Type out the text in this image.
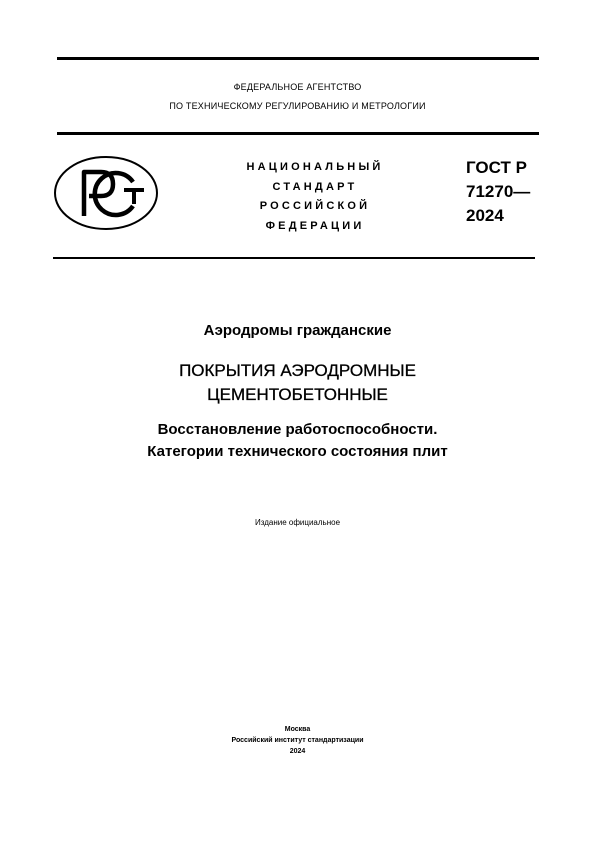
ФЕДЕРАЛЬНОЕ АГЕНТСТВО
ПО ТЕХНИЧЕСКОМУ РЕГУЛИРОВАНИЮ И МЕТРОЛОГИИ
НАЦИОНАЛЬНЫЙ
СТАНДАРТ
РОССИЙСКОЙ
ФЕДЕРАЦИИ
ГОСТ Р
71270—
2024
Аэродромы гражданские
ПОКРЫТИЯ АЭРОДРОМНЫЕ
ЦЕМЕНТОБЕТОННЫЕ
Восстановление работоспособности.
Категории технического состояния плит
Издание официальное
Москва
Российский институт стандартизации
2024
